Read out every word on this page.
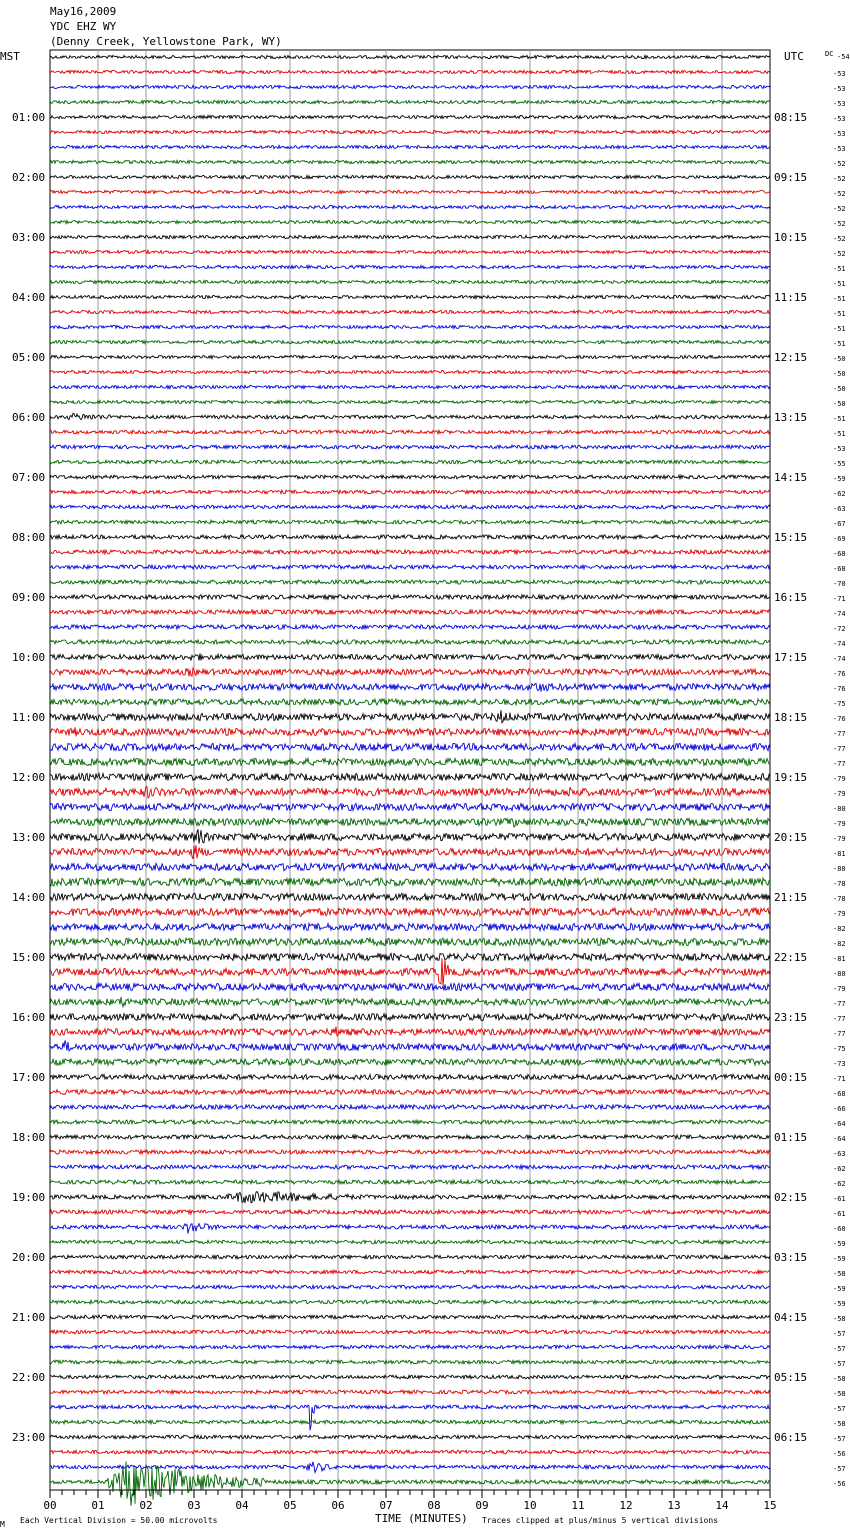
May16,2009
YDC EHZ WY
(Denny Creek, Yellowstone Park, WY)
MST	UTC	DC
01:00
02:00
03:00
04:00
05:00
06:00
07:00
08:00
09:00
10:00
11:00
12:00
13:00
14:00
15:00
16:00
17:00
18:00
19:00
20:00
21:00
22:00
23:00
08:15
09:15
10:15
11:15
12:15
13:15
14:15
15:15
16:15
17:15
18:15
19:15
20:15
21:15
22:15
23:15
00:15
01:15
02:15
03:15
04:15
05:15
06:15
-54
-53
-53
-53
-53
-53
-53
-52
-52
-52
-52
-52
-52
-52
-51
-51
-51
-51
-51
-51
-50
-50
-50
-50
-51
-51
-53
-55
-59
-62
-63
-67
-69
-68
-68
-70
-71
-74
-72
-74
-74
-76
-76
-75
-76
-77
-77
-77
-79
-79
-80
-79
-79
-81
-80
-78
-78
-79
-82
-82
-81
-80
-79
-77
-77
-77
-75
-73
-71
-68
-66
-64
-64
-63
-62
-62
-61
-61
-60
-59
-59
-58
-59
-59
-58
-57
-57
-57
-58
-58
-57
-58
-57
-56
-57
-56
00	01	02	03	04	05	06	07	08	09	10	11	12	13	14	15
TIME (MINUTES)
Each Vertical Division = 50.00 microvolts	Traces clipped at plus/minus 5 vertical divisions
M
